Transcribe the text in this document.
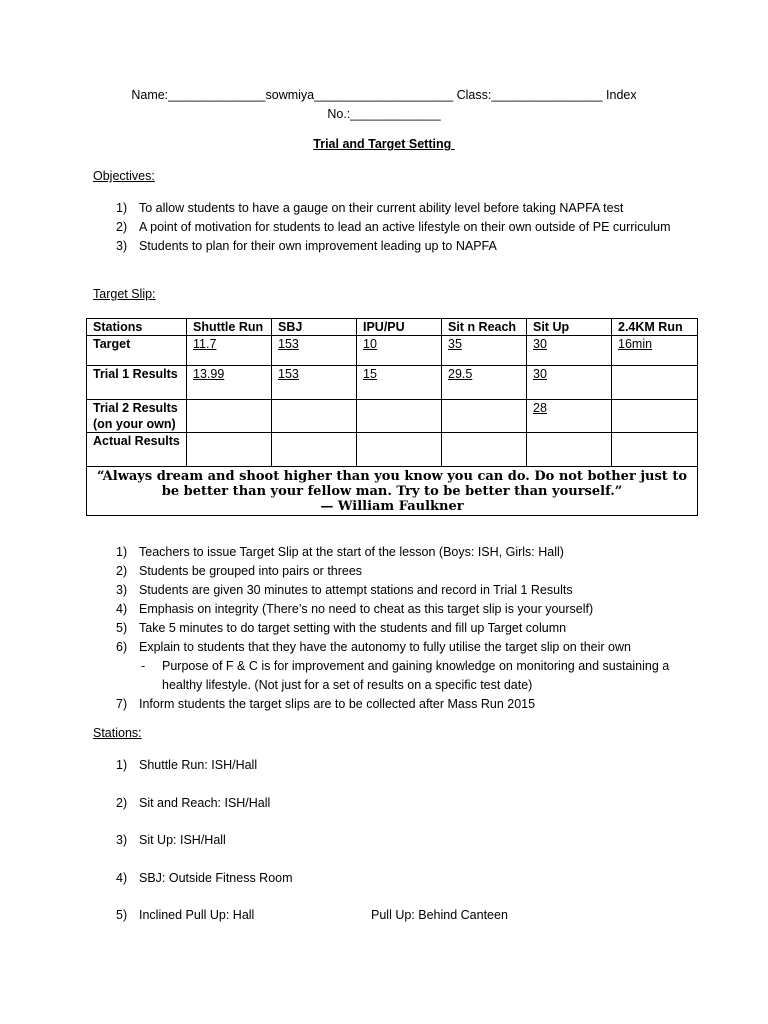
Name:______________sowmiya____________________ Class:________________ Index
No.:_____________
Trial and Target Setting
Objectives:
1) To allow students to have a gauge on their current ability level before taking NAPFA test
2) A point of motivation for students to lead an active lifestyle on their own outside of PE curriculum
3) Students to plan for their own improvement leading up to NAPFA
Target Slip:
Stations	Shuttle Run	SBJ	IPU/PU	Sit n Reach	Sit Up	2.4KM Run
Target	11.7	153	10	35	30	16min
Trial 1 Results	13.99	153	15	29.5	30	
Trial 2 Results (on your own)					28	
Actual Results						

“Always dream and shoot higher than you know you can do. Do not bother just to be better than your fellow man. Try to be better than yourself.”
— William Faulkner						
1) Teachers to issue Target Slip at the start of the lesson (Boys: ISH, Girls: Hall)
2) Students be grouped into pairs or threes
3) Students are given 30 minutes to attempt stations and record in Trial 1 Results
4) Emphasis on integrity (There’s no need to cheat as this target slip is your yourself)
5) Take 5 minutes to do target setting with the students and fill up Target column
6) Explain to students that they have the autonomy to fully utilise the target slip on their own
-	Purpose of F & C is for improvement and gaining knowledge on monitoring and sustaining a healthy lifestyle. (Not just for a set of results on a specific test date)
7) Inform students the target slips are to be collected after Mass Run 2015
Stations:
1) Shuttle Run: ISH/Hall
2) Sit and Reach: ISH/Hall
3) Sit Up: ISH/Hall
4) SBJ: Outside Fitness Room
5) Inclined Pull Up: Hall	Pull Up: Behind Canteen
